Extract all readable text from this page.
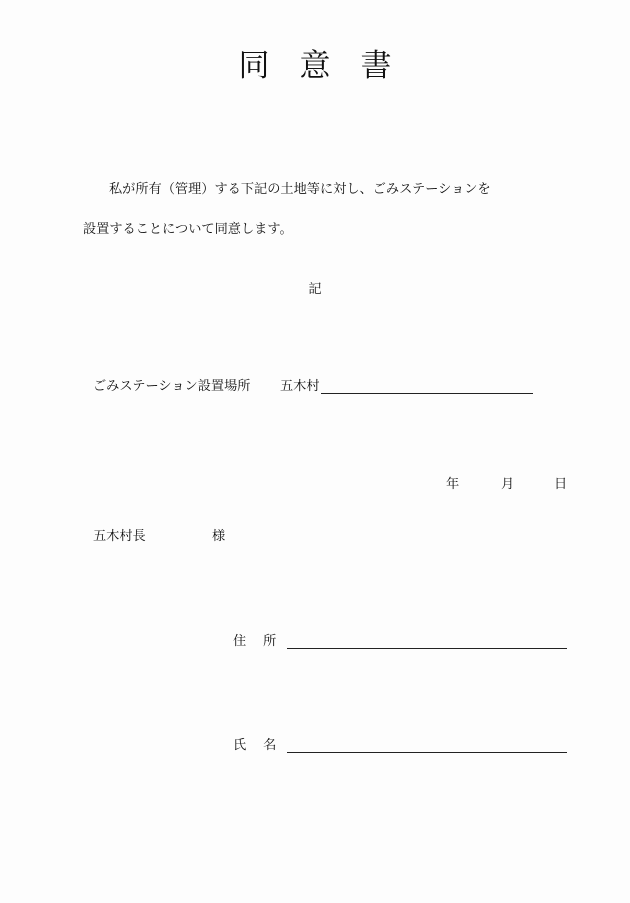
同意書
私が所有（管理）する下記の土地等に対し、ごみステーションを
設置することについて同意します。
記
ごみステーション設置場所 五木村
年	月	日
五木村長	様
住所
氏名
